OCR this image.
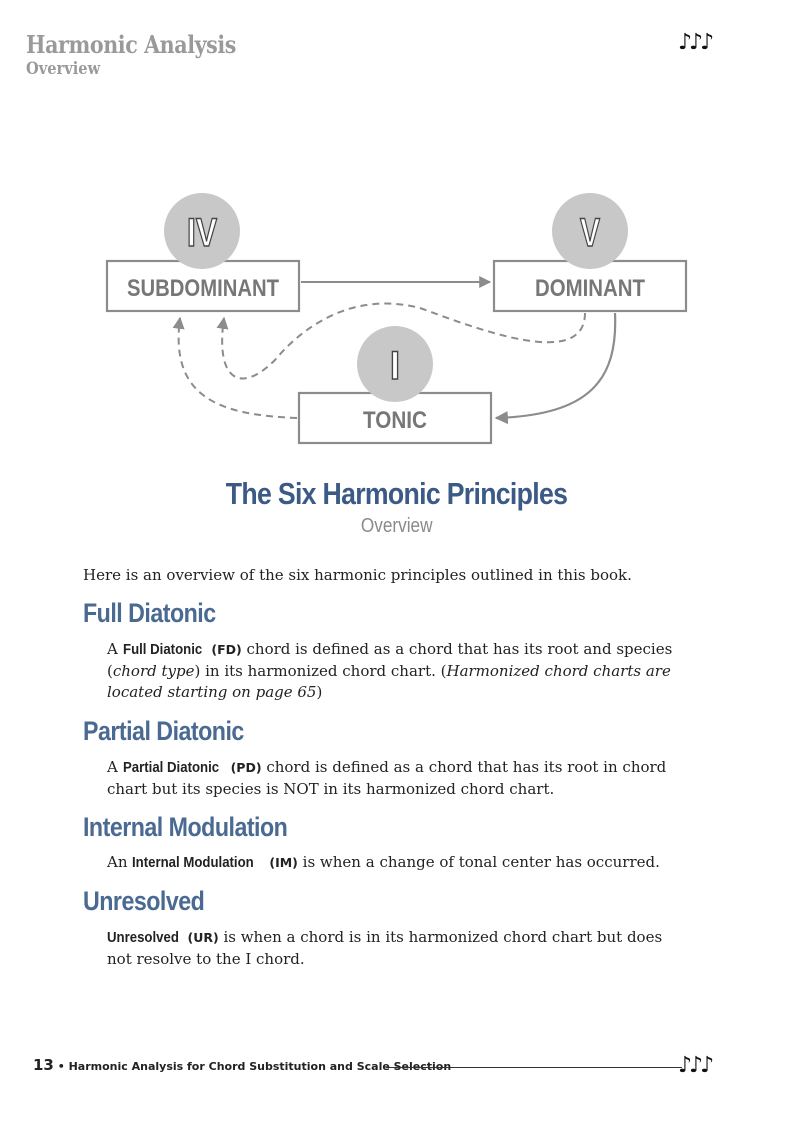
Harmonic Analysis
Overview
♪♪♪
SUBDOMINANT	DOMINANT
TONIC
IV	V
I
The Six Harmonic Principles
Overview
Here is an overview of the six harmonic principles outlined in this book.
Full Diatonic
A Full Diatonic (FD) chord is defined as a chord that has its root and species (chord type) in its harmonized chord chart. (Harmonized chord charts are located starting on page 65)
Partial Diatonic
A Partial Diatonic (PD) chord is defined as a chord that has its root in chord chart but its species is NOT in its harmonized chord chart.
Internal Modulation
An Internal Modulation (IM) is when a change of tonal center has occurred.
Unresolved
Unresolved (UR) is when a chord is in its harmonized chord chart but does not resolve to the I chord.
13 • Harmonic Analysis for Chord Substitution and Scale Selection	♪♪♪
